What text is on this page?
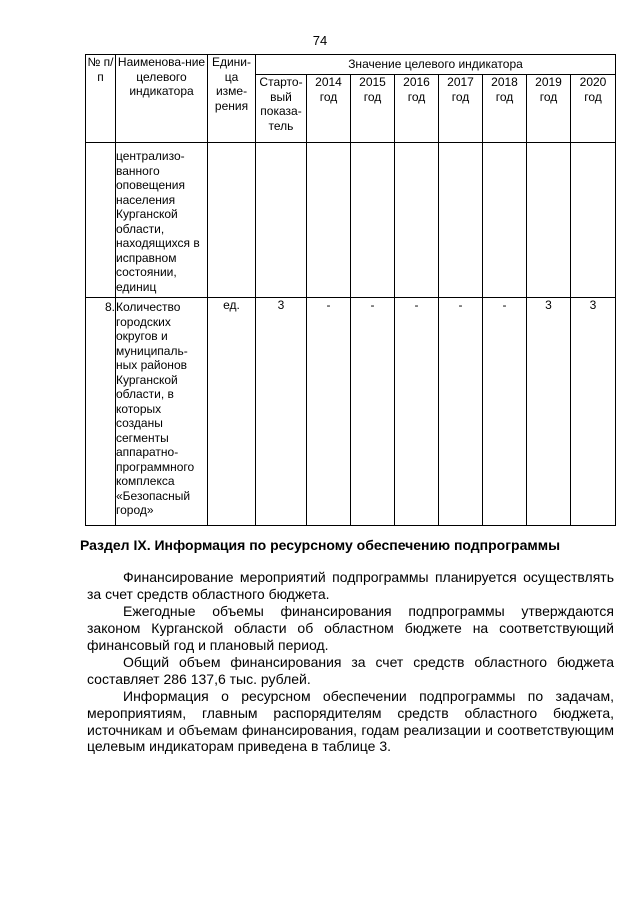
74
№ п/п	Наименова-ние целевого индикатора	Едини-ца изме-рения	Значение целевого индикатора							
			Старто-вый показа-тель	2014 год	2015 год	2016 год	2017 год	2018 год	2019 год	2020 год
	централизо-ванного оповещения населения Курганской области, находящихся в исправном состоянии, единиц									
8.	Количество городских округов и муниципаль-ных районов Курганской области, в которых созданы сегменты аппаратно-программного комплекса «Безопасный город»	ед.	3	-	-	-	-	-	3	3
Раздел IX. Информация по ресурсному обеспечению подпрограммы
Финансирование мероприятий подпрограммы планируется осуществлять за счет средств областного бюджета.
Ежегодные объемы финансирования подпрограммы утверждаются законом Курганской области об областном бюджете на соответствующий финансовый год и плановый период.
Общий объем финансирования за счет средств областного бюджета составляет 286 137,6 тыс. рублей.
Информация о ресурсном обеспечении подпрограммы по задачам, мероприятиям, главным распорядителям средств областного бюджета, источникам и объемам финансирования, годам реализации и соответствующим целевым индикаторам приведена в таблице 3.
